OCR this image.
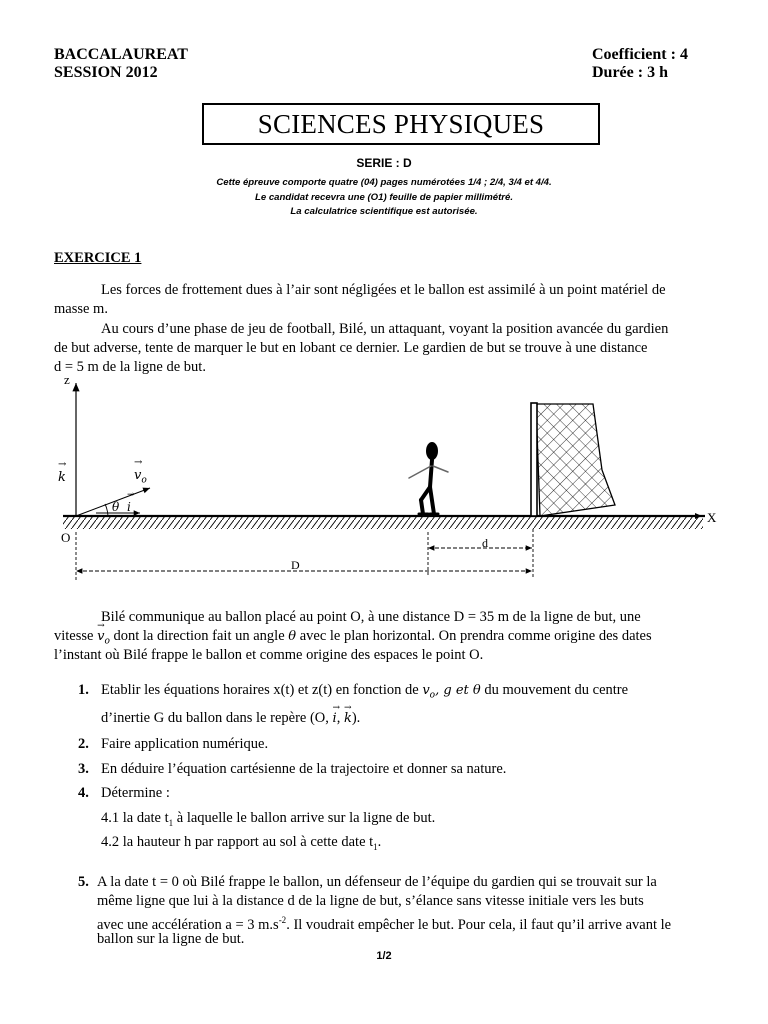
BACCALAUREAT
SESSION 2012
Coefficient : 4
Durée : 3 h
SCIENCES PHYSIQUES
SERIE : D
Cette épreuve comporte quatre (04) pages numérotées 1/4 ; 2/4, 3/4 et 4/4.
Le candidat recevra une (O1) feuille de papier millimétré.
La calculatrice scientifique est autorisée.
EXERCICE 1
Les forces de frottement dues à l’air sont négligées et le ballon est assimilé à un point matériel de
masse m.
Au cours d’une phase de jeu de football, Bilé, un attaquant, voyant la position avancée du gardien
de but adverse, tente de marquer le but en lobant ce dernier. Le gardien de but se trouve à une distance
d = 5 m de la ligne de but.
z
X
O
→
k
→
$v_o$
θ
→
i
d
D
Bilé communique au ballon placé au point O, à une distance D = 35 m de la ligne de but, une
vitesse
→
$v_o$ dont la direction fait un angle θ avec le plan horizontal. On prendra comme origine des dates
l’instant où Bilé frappe le ballon et comme origine des espaces le point O.
1. Etablir les équations horaires x(t) et z(t) en fonction de $v_o$, g et θ du mouvement du centre
d’inertie G du ballon dans le repère (O,
→
i,
→
k).
2. Faire application numérique.
3. En déduire l’équation cartésienne de la trajectoire et donner sa nature.
4. Détermine :
4.1 la date $t_1$ à laquelle le ballon arrive sur la ligne de but.
4.2 la hauteur h par rapport au sol à cette date $t_1$.
5. A la date t = 0 où Bilé frappe le ballon, un défenseur de l’équipe du gardien qui se trouvait sur la
même ligne que lui à la distance d de la ligne de but, s’élance sans vitesse initiale vers les buts
avec une accélération a = 3 $m.s^{-2}$. Il voudrait empêcher le but. Pour cela, il faut qu’il arrive avant le
ballon sur la ligne de but.
1/2
